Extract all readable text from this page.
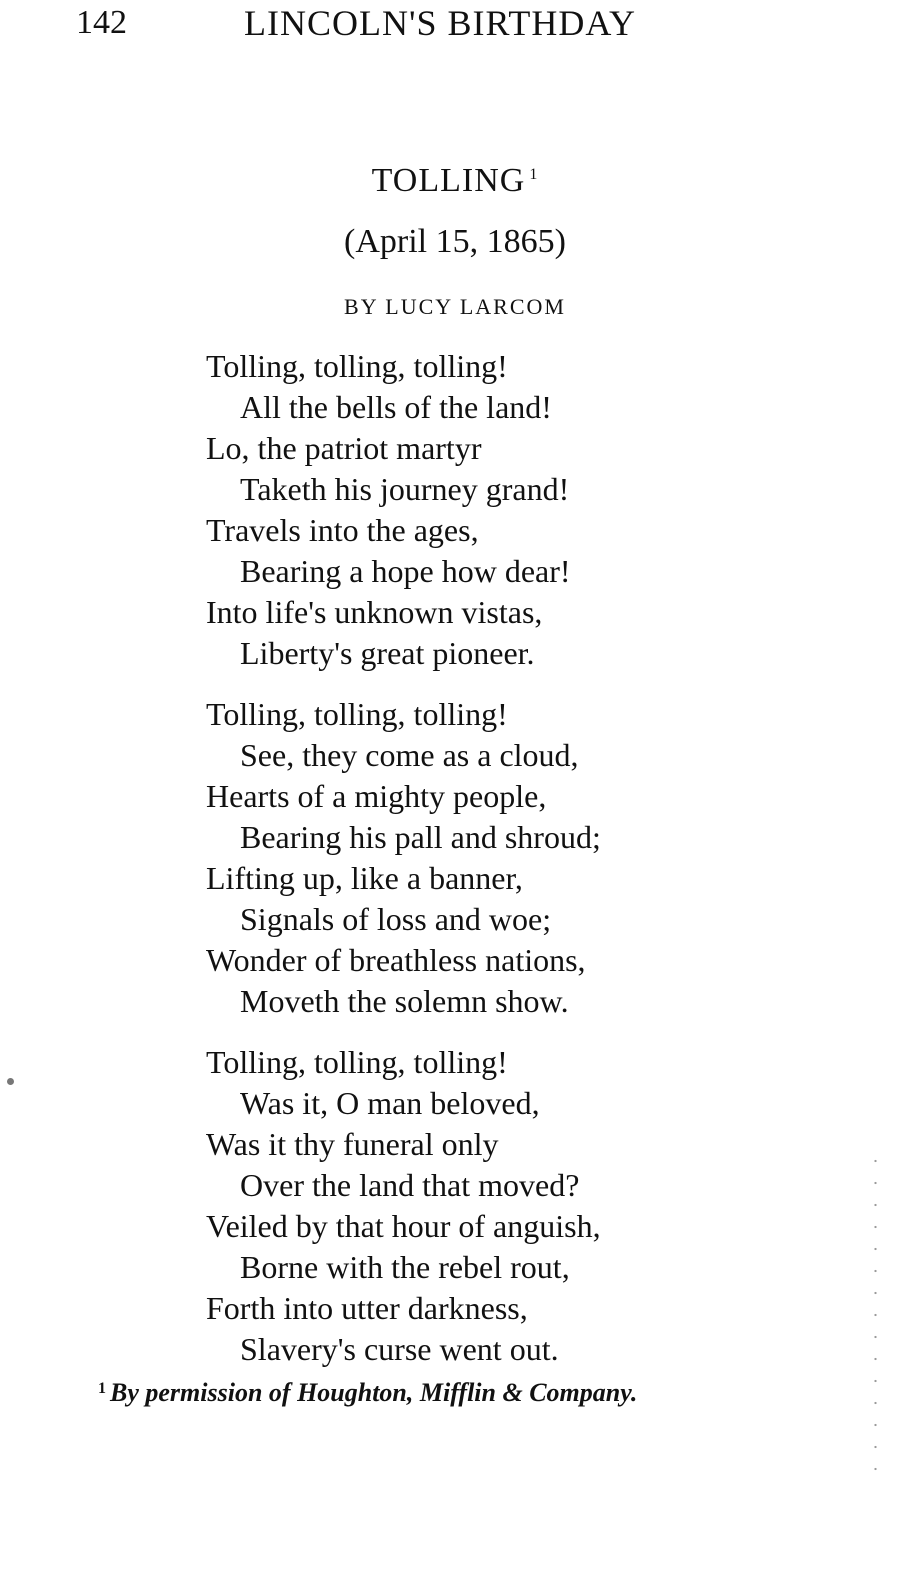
142	LINCOLN'S BIRTHDAY
TOLLING $^1$
(April 15, 1865)
BY LUCY LARCOM
Tolling, tolling, tolling!
All the bells of the land!
Lo, the patriot martyr
Taketh his journey grand!
Travels into the ages,
Bearing a hope how dear!
Into life's unknown vistas,
Liberty's great pioneer.
Tolling, tolling, tolling!
See, they come as a cloud,
Hearts of a mighty people,
Bearing his pall and shroud;
Lifting up, like a banner,
Signals of loss and woe;
Wonder of breathless nations,
Moveth the solemn show.
Tolling, tolling, tolling!
Was it, O man beloved,
Was it thy funeral only
Over the land that moved?
Veiled by that hour of anguish,
Borne with the rebel rout,
Forth into utter darkness,
Slavery's curse went out.
$^1$ By permission of Houghton, Mifflin & Company.
